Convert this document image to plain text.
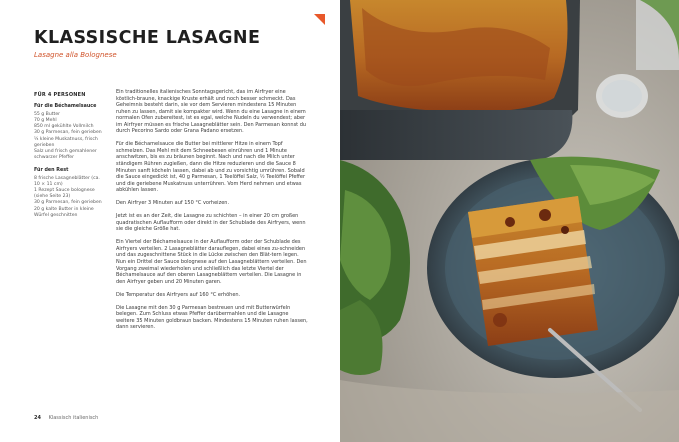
KLASSISCHE LASAGNE
Lasagne alla Bolognese
FÜR 4 PERSONEN
Für die Béchamelsauce
55 g Butter
70 g Mehl
850 ml gekühlte Vollmilch
30 g Parmesan, fein gerieben
¼ kleine Muskatnuss, frisch gerieben
Salz und frisch gemahlener schwarzer Pfeffer
Für den Rest
8 frische Lasagneblätter (ca. 10 × 11 cm)
1 Rezept Sauce bolognese (siehe Seite 23)
30 g Parmesan, fein gerieben
20 g kalte Butter in kleine Würfel geschnitten

Ein traditionelles italienisches Sonntagsgericht, das im Airfryer eine köstlich-braune, knackige Kruste erhält und noch besser schmeckt. Das Geheimnis besteht darin, sie vor dem Servieren mindestens 15 Minuten ruhen zu lassen, damit sie kompakter wird. Wenn du eine Lasagne in einem normalen Ofen zubereitest, ist es egal, welche Nudeln du verwendest; aber im Airfryer müssen es frische Lasagneblätter sein. Den Parmesan konnst du durch Pecorino Sardo oder Grana Padano ersetzen.

Für die Béchamelsauce die Butter bei mittlerer Hitze in einem Topf schmelzen. Das Mehl mit dem Schneebesen einrühren und 1 Minute anschwitzen, bis es zu bräunen beginnt. Nach und nach die Milch unter ständigem Rühren zugießen, dann die Hitze reduzieren und die Sauce 8 Minuten sanft köcheln lassen, dabei ab und zu vorsichtig umrühren. Sobald die Sauce eingedickt ist, 40 g Parmesan, 1 Teelöffel Salz, ½ Teelöffel Pfeffer und die geriebene Muskatnuss unterrühren. Vom Herd nehmen und etwas abkühlen lassen.

Den Airfryer 3 Minuten auf 150 °C vorheizen.

Jetzt ist es an der Zeit, die Lasagne zu schichten – in einer 20 cm großen quadratischen Auflaufform oder direkt in der Schublade des Airfryers, wenn sie die gleiche Größe hat.

Ein Viertel der Béchamelsauce in der Auflaufform oder der Schublade des Airfryers verteilen. 2 Lasagneblätter darauflegen, dabei eines zu-schneiden und das zugeschnittene Stück in die Lücke zwischen den Blät-tern legen. Nun ein Drittel der Sauce bolognese auf den Lasagneblättern verteilen. Den Vorgang zweimal wiederholen und schließlich das letzte Viertel der Béchamelsauce auf den oberen Lasagneblättern verteilen. Die Lasagne in den Airfryer geben und 20 Minuten garen.

Die Temperatur des Airfryers auf 160 °C erhöhen.

Die Lasagne mit den 30 g Parmesan bestreuen und mit Butterwürfeln belegen. Zum Schluss etwas Pfeffer darübermahlen und die Lasagne weitere 35 Minuten goldbraun backen. Mindestens 15 Minuten ruhen lassen, dann servieren.

24 Klassisch italienisch
